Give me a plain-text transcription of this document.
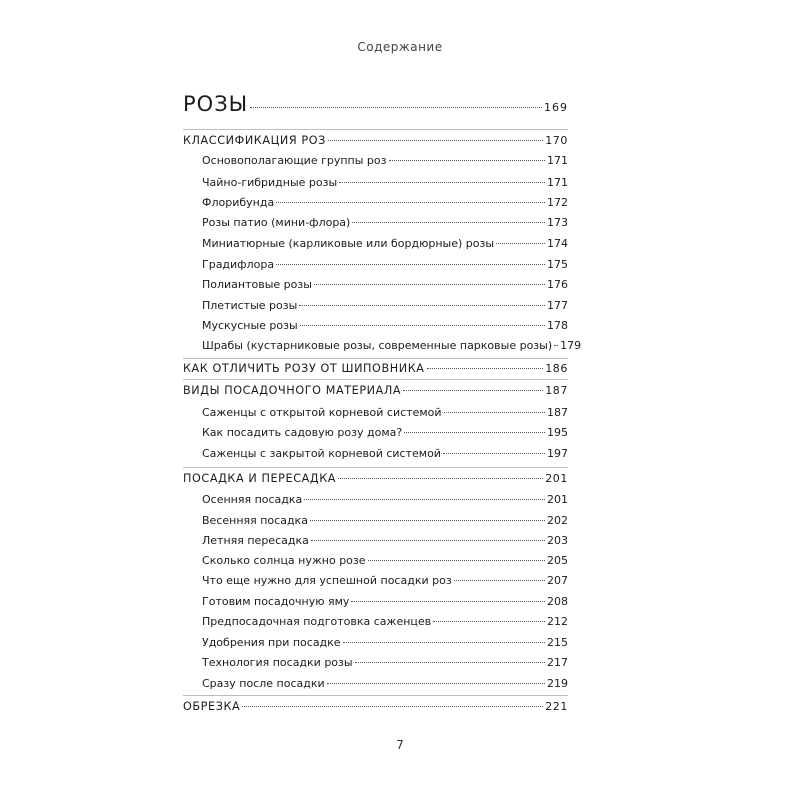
Содержание
РОЗЫ	169
КЛАССИФИКАЦИЯ РОЗ	170
Основополагающие группы роз	171
Чайно-гибридные розы	171
Флорибунда	172
Розы патио (мини-флора)	173
Миниатюрные (карликовые или бордюрные) розы	174
Градифлора	175
Полиантовые розы	176
Плетистые розы	177
Мускусные розы	178
Шрабы (кустарниковые розы, современные парковые розы) 179
КАК ОТЛИЧИТЬ РОЗУ ОТ ШИПОВНИКА	186
ВИДЫ ПОСАДОЧНОГО МАТЕРИАЛА	187
Саженцы с открытой корневой системой	187
Как посадить садовую розу дома?	195
Саженцы с закрытой корневой системой	197
ПОСАДКА И ПЕРЕСАДКА	201
Осенняя посадка	201
Весенняя посадка	202
Летняя пересадка	203
Сколько солнца нужно розе	205
Что еще нужно для успешной посадки роз	207
Готовим посадочную яму	208
Предпосадочная подготовка саженцев	212
Удобрения при посадке	215
Технология посадки розы	217
Сразу после посадки	219
ОБРЕЗКА	221
7
